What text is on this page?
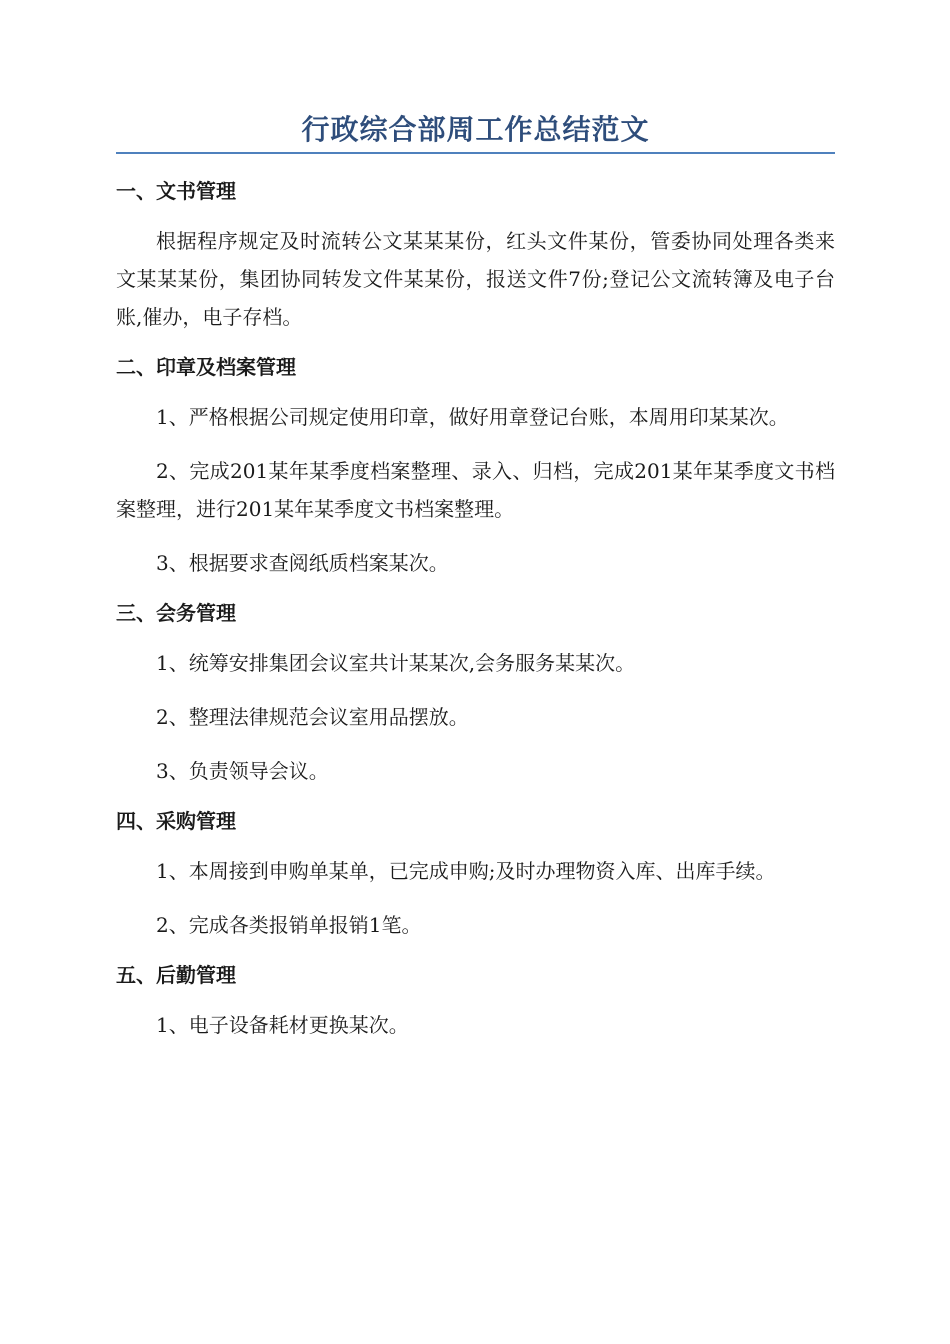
行政综合部周工作总结范文
一、文书管理

根据程序规定及时流转公文某某某份，红头文件某份，管委协同处理各类来文某某某份，集团协同转发文件某某份，报送文件7份;登记公文流转簿及电子台账,催办，电子存档。

二、印章及档案管理

1、严格根据公司规定使用印章，做好用章登记台账，本周用印某某次。

2、完成201某年某季度档案整理、录入、归档，完成201某年某季度文书档案整理，进行201某年某季度文书档案整理。

3、根据要求查阅纸质档案某次。

三、会务管理

1、统筹安排集团会议室共计某某次,会务服务某某次。

2、整理法律规范会议室用品摆放。

3、负责领导会议。

四、采购管理

1、本周接到申购单某单，已完成申购;及时办理物资入库、出库手续。

2、完成各类报销单报销1笔。

五、后勤管理

1、电子设备耗材更换某次。
